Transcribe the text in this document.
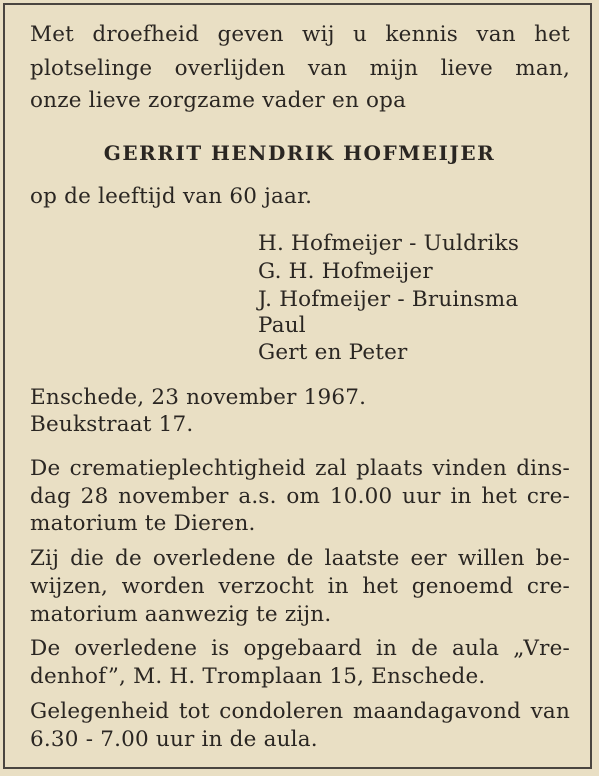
Met droefheid geven wij u kennis van het
plotselinge overlijden van mijn lieve man,
onze lieve zorgzame vader en opa
GERRIT HENDRIK HOFMEIJER
op de leeftijd van 60 jaar.
H. Hofmeijer - Uuldriks
G. H. Hofmeijer
J. Hofmeijer - Bruinsma
Paul
Gert en Peter
Enschede, 23 november 1967.
Beukstraat 17.
De crematieplechtigheid zal plaats vinden dins-
dag 28 november a.s. om 10.00 uur in het cre-
matorium te Dieren.
Zij die de overledene de laatste eer willen be-
wijzen, worden verzocht in het genoemd cre-
matorium aanwezig te zijn.
De overledene is opgebaard in de aula „Vre-
denhof”, M. H. Tromplaan 15, Enschede.
Gelegenheid tot condoleren maandagavond van
6.30 - 7.00 uur in de aula.
